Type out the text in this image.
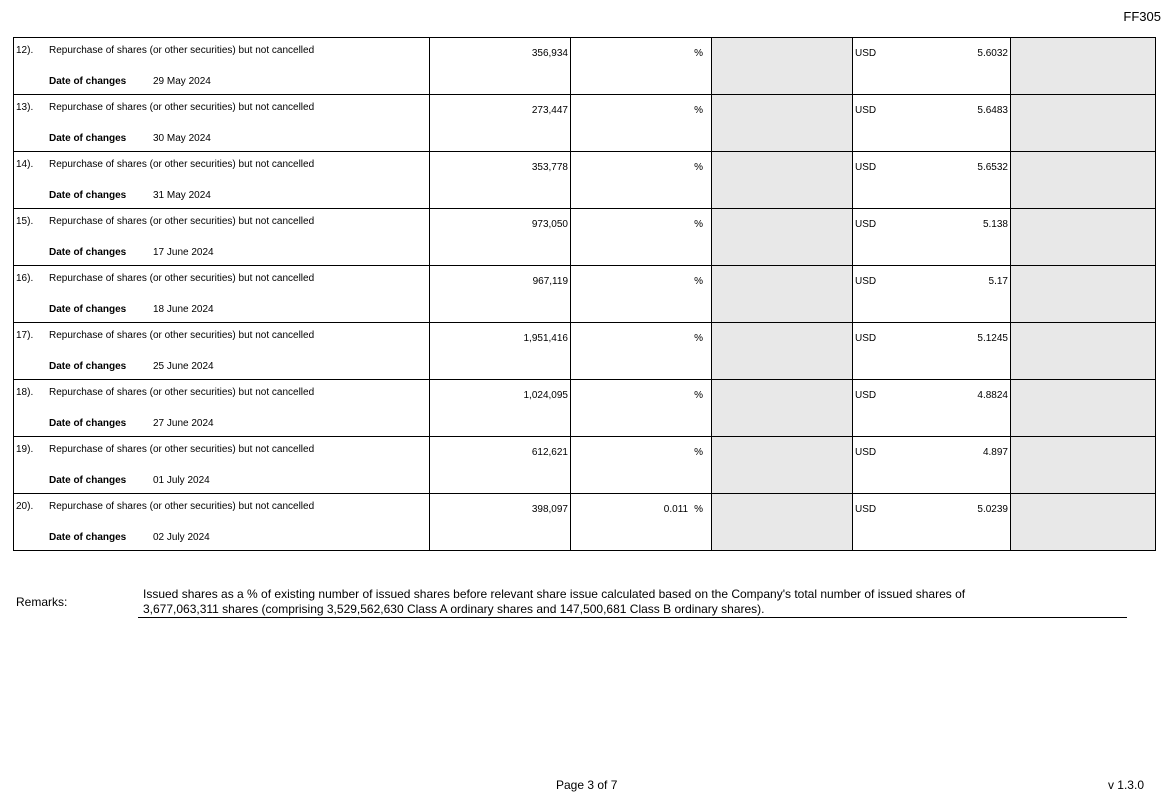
FF305
12). Repurchase of shares (or other securities) but not cancelled
Date of changes 29 May 2024	356,934	%		USD 5.6032	

13). Repurchase of shares (or other securities) but not cancelled
Date of changes 30 May 2024	273,447	%		USD 5.6483	

14). Repurchase of shares (or other securities) but not cancelled
Date of changes 31 May 2024	353,778	%		USD 5.6532	

15). Repurchase of shares (or other securities) but not cancelled
Date of changes 17 June 2024	973,050	%		USD 5.138	

16). Repurchase of shares (or other securities) but not cancelled
Date of changes 18 June 2024	967,119	%		USD 5.17	

17). Repurchase of shares (or other securities) but not cancelled
Date of changes 25 June 2024	1,951,416	%		USD 5.1245	

18). Repurchase of shares (or other securities) but not cancelled
Date of changes 27 June 2024	1,024,095	%		USD 4.8824	

19). Repurchase of shares (or other securities) but not cancelled
Date of changes 01 July 2024	612,621	%		USD 4.897	

20). Repurchase of shares (or other securities) but not cancelled
Date of changes 02 July 2024	398,097	0.011 %		USD 5.0239	

Remarks:
Issued shares as a % of existing number of issued shares before relevant share issue calculated based on the Company's total number of issued shares of
3,677,063,311 shares (comprising 3,529,562,630 Class A ordinary shares and 147,500,681 Class B ordinary shares).
Page 3 of 7	v 1.3.0
